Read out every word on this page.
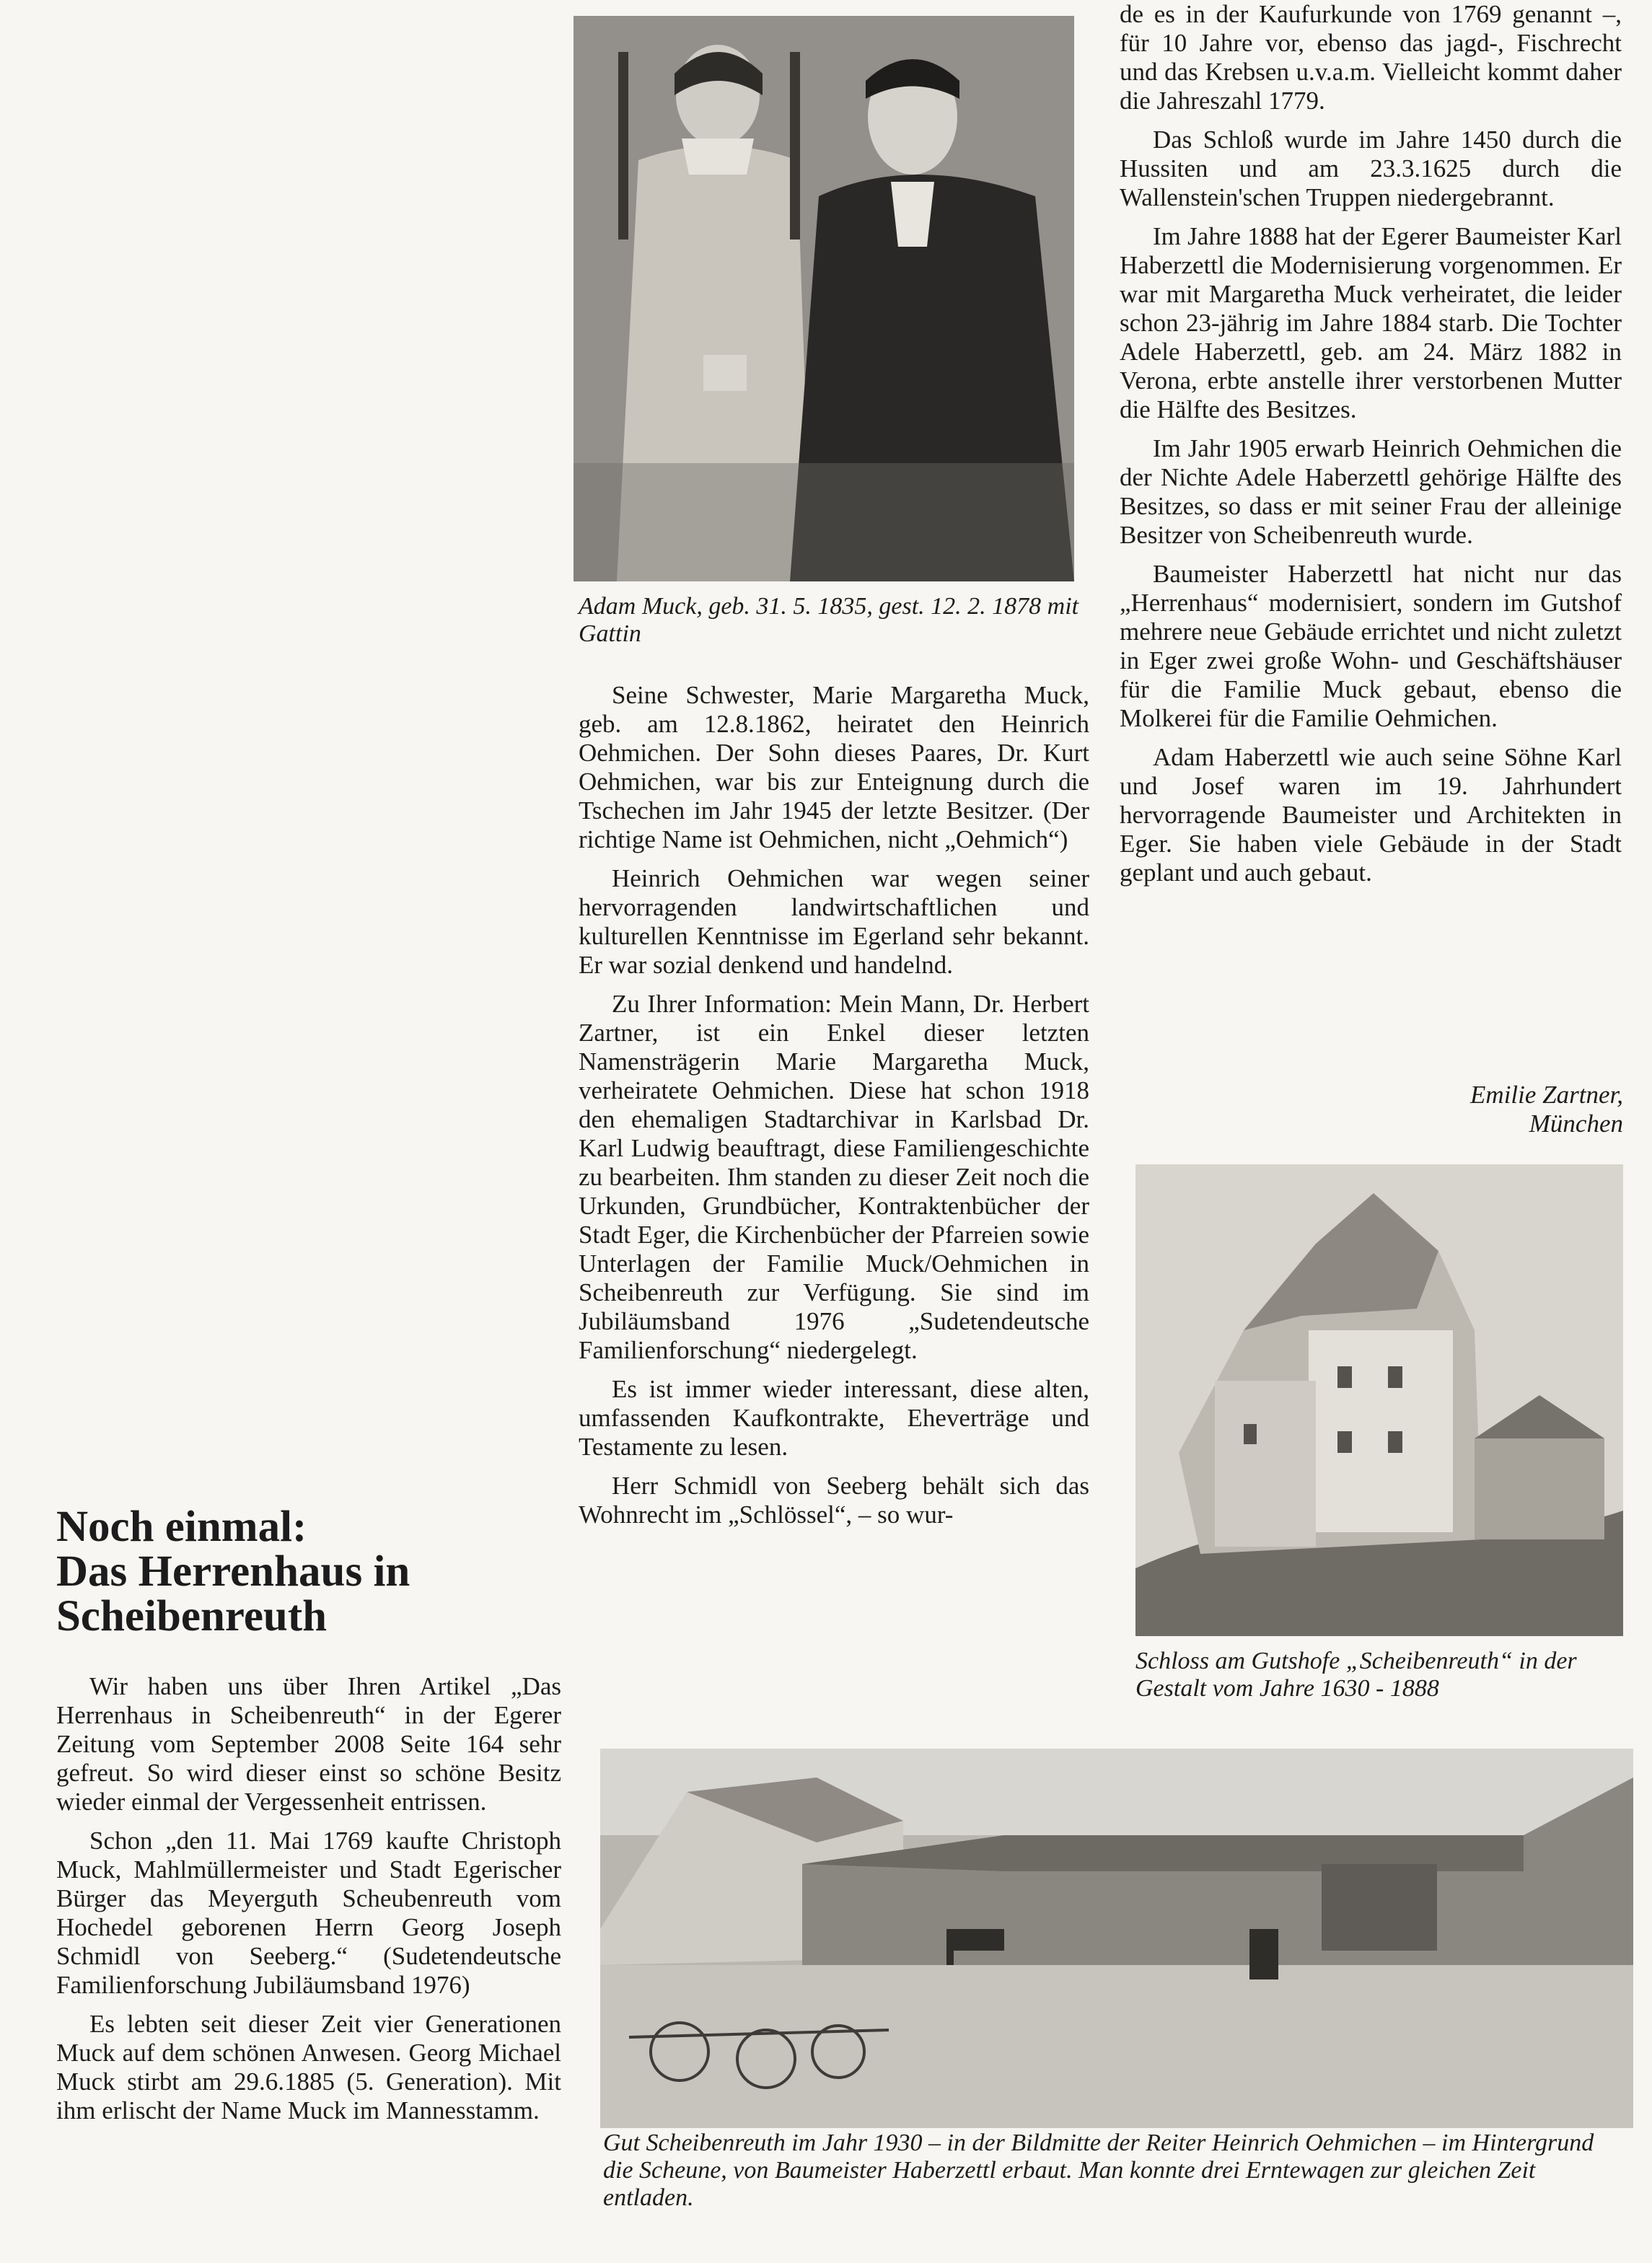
Noch einmal:
Das Herrenhaus in
Scheibenreuth

Wir haben uns über Ihren Artikel „Das Herrenhaus in Scheibenreuth“ in der Egerer Zeitung vom September 2008 Seite 164 sehr gefreut. So wird dieser einst so schöne Besitz wieder einmal der Vergessenheit entrissen.

Schon „den 11. Mai 1769 kaufte Christoph Muck, Mahlmüllermeister und Stadt Egerischer Bürger das Meyerguth Scheubenreuth vom Hochedel geborenen Herrn Georg Joseph Schmidl von Seeberg.“ (Sudetendeutsche Familienforschung Jubiläumsband 1976)

Es lebten seit dieser Zeit vier Generationen Muck auf dem schönen Anwesen. Georg Michael Muck stirbt am 29.6.1885 (5. Generation). Mit ihm erlischt der Name Muck im Mannesstamm.

Adam Muck, geb. 31. 5. 1835, gest. 12. 2. 1878 mit Gattin

Seine Schwester, Marie Margaretha Muck, geb. am 12.8.1862, heiratet den Heinrich Oehmichen. Der Sohn dieses Paares, Dr. Kurt Oehmichen, war bis zur Enteignung durch die Tschechen im Jahr 1945 der letzte Besitzer. (Der richtige Name ist Oehmichen, nicht „Oehmich“)

Heinrich Oehmichen war wegen seiner hervorragenden landwirtschaftlichen und kulturellen Kenntnisse im Egerland sehr bekannt. Er war sozial denkend und handelnd.

Zu Ihrer Information: Mein Mann, Dr. Herbert Zartner, ist ein Enkel dieser letzten Namensträgerin Marie Margaretha Muck, verheiratete Oehmichen. Diese hat schon 1918 den ehemaligen Stadtarchivar in Karlsbad Dr. Karl Ludwig beauftragt, diese Familiengeschichte zu bearbeiten. Ihm standen zu dieser Zeit noch die Urkunden, Grundbücher, Kontraktenbücher der Stadt Eger, die Kirchenbücher der Pfarreien sowie Unterlagen der Familie Muck/Oehmichen in Scheibenreuth zur Verfügung. Sie sind im Jubiläumsband 1976 „Sudetendeutsche Familienforschung“ niedergelegt.

Es ist immer wieder interessant, diese alten, umfassenden Kaufkontrakte, Eheverträge und Testamente zu lesen.

Herr Schmidl von Seeberg behält sich das Wohnrecht im „Schlössel“, – so wur-

de es in der Kaufurkunde von 1769 genannt –, für 10 Jahre vor, ebenso das jagd-, Fischrecht und das Krebsen u.v.a.m. Vielleicht kommt daher die Jahreszahl 1779.

Das Schloß wurde im Jahre 1450 durch die Hussiten und am 23.3.1625 durch die Wallenstein'schen Truppen niedergebrannt.

Im Jahre 1888 hat der Egerer Baumeister Karl Haberzettl die Modernisierung vorgenommen. Er war mit Margaretha Muck verheiratet, die leider schon 23-jährig im Jahre 1884 starb. Die Tochter Adele Haberzettl, geb. am 24. März 1882 in Verona, erbte anstelle ihrer verstorbenen Mutter die Hälfte des Besitzes.

Im Jahr 1905 erwarb Heinrich Oehmichen die der Nichte Adele Haberzettl gehörige Hälfte des Besitzes, so dass er mit seiner Frau der alleinige Besitzer von Scheibenreuth wurde.

Baumeister Haberzettl hat nicht nur das „Herrenhaus“ modernisiert, sondern im Gutshof mehrere neue Gebäude errichtet und nicht zuletzt in Eger zwei große Wohn- und Geschäftshäuser für die Familie Muck gebaut, ebenso die Molkerei für die Familie Oehmichen.

Adam Haberzettl wie auch seine Söhne Karl und Josef waren im 19. Jahrhundert hervorragende Baumeister und Architekten in Eger. Sie haben viele Gebäude in der Stadt geplant und auch gebaut.

Emilie Zartner,
München
Schloss am Gutshofe „Scheibenreuth“ in der Gestalt vom Jahre 1630 - 1888
Gut Scheibenreuth im Jahr 1930 – in der Bildmitte der Reiter Heinrich Oehmichen – im Hintergrund die Scheune, von Baumeister Haberzettl erbaut. Man konnte drei Erntewagen zur gleichen Zeit entladen.
